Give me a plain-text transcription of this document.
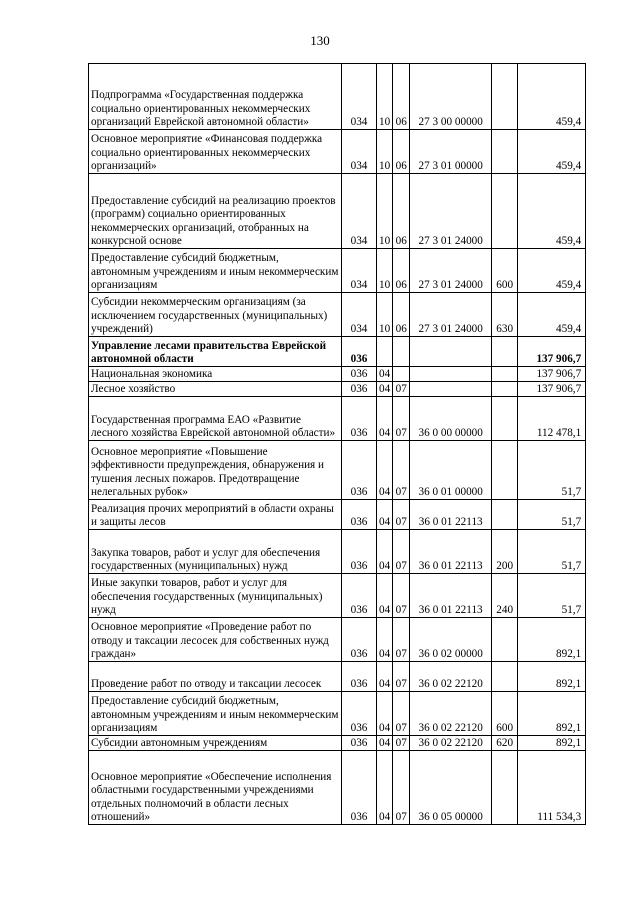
130
Подпрограмма «Государственная поддержка социально ориентированных некоммерческих организаций Еврейской автономной области»	034	10	06	27 3 00 00000		459,4
Основное мероприятие «Финансовая поддержка социально ориентированных некоммерческих организаций»	034	10	06	27 3 01 00000		459,4
Предоставление субсидий на реализацию проектов (программ) социально ориентированных некоммерческих организаций, отобранных на конкурсной основе	034	10	06	27 3 01 24000		459,4
Предоставление субсидий бюджетным, автономным учреждениям и иным некоммерческим организациям	034	10	06	27 3 01 24000	600	459,4
Субсидии некоммерческим организациям (за исключением государственных (муниципальных) учреждений)	034	10	06	27 3 01 24000	630	459,4
Управление лесами правительства Еврейской автономной области	036					137 906,7
Национальная экономика	036	04				137 906,7
Лесное хозяйство	036	04	07			137 906,7
Государственная программа ЕАО «Развитие лесного хозяйства Еврейской автономной области»	036	04	07	36 0 00 00000		112 478,1
Основное мероприятие «Повышение эффективности предупреждения, обнаружения и тушения лесных пожаров. Предотвращение нелегальных рубок»	036	04	07	36 0 01 00000		51,7
Реализация прочих мероприятий в области охраны и защиты лесов	036	04	07	36 0 01 22113		51,7
Закупка товаров, работ и услуг для обеспечения государственных (муниципальных) нужд	036	04	07	36 0 01 22113	200	51,7
Иные закупки товаров, работ и услуг для обеспечения государственных (муниципальных) нужд	036	04	07	36 0 01 22113	240	51,7
Основное мероприятие «Проведение работ по отводу и таксации лесосек для собственных нужд граждан»	036	04	07	36 0 02 00000		892,1
Проведение работ по отводу и таксации лесосек	036	04	07	36 0 02 22120		892,1
Предоставление субсидий бюджетным, автономным учреждениям и иным некоммерческим организациям	036	04	07	36 0 02 22120	600	892,1
Субсидии автономным учреждениям	036	04	07	36 0 02 22120	620	892,1
Основное мероприятие «Обеспечение исполнения областными государственными учреждениями отдельных полномочий в области лесных отношений»	036	04	07	36 0 05 00000		111 534,3
